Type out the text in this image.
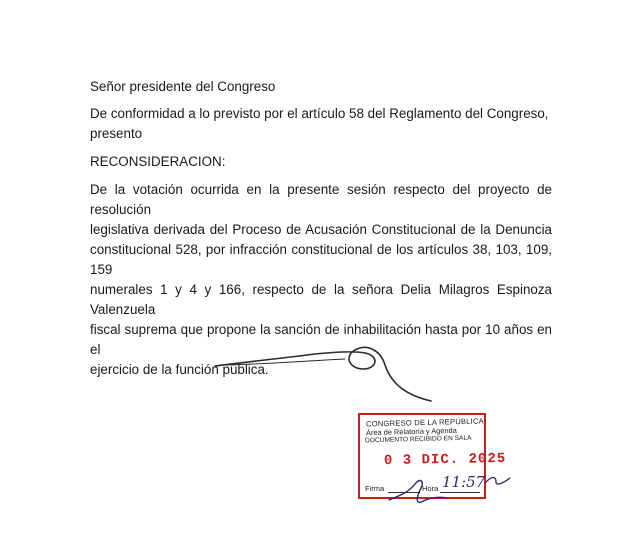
Señor presidente del Congreso
De conformidad a lo previsto por el artículo 58 del Reglamento del Congreso,
presento
RECONSIDERACION:
De la votación ocurrida en la presente sesión respecto del proyecto de resolución
legislativa derivada del Proceso de Acusación Constitucional de la Denuncia
constitucional 528, por infracción constitucional de los artículos 38, 103, 109, 159
numerales 1 y 4 y 166, respecto de la señora Delia Milagros Espinoza Valenzuela
fiscal suprema que propone la sanción de inhabilitación hasta por 10 años en el
ejercicio de la función pública.
CONGRESO DE LA REPÚBLICA
Área de Relatoría y Agenda
DOCUMENTO RECIBIDO EN SALA
0 3 DIC. 2025
Firma	Hora 11:57
